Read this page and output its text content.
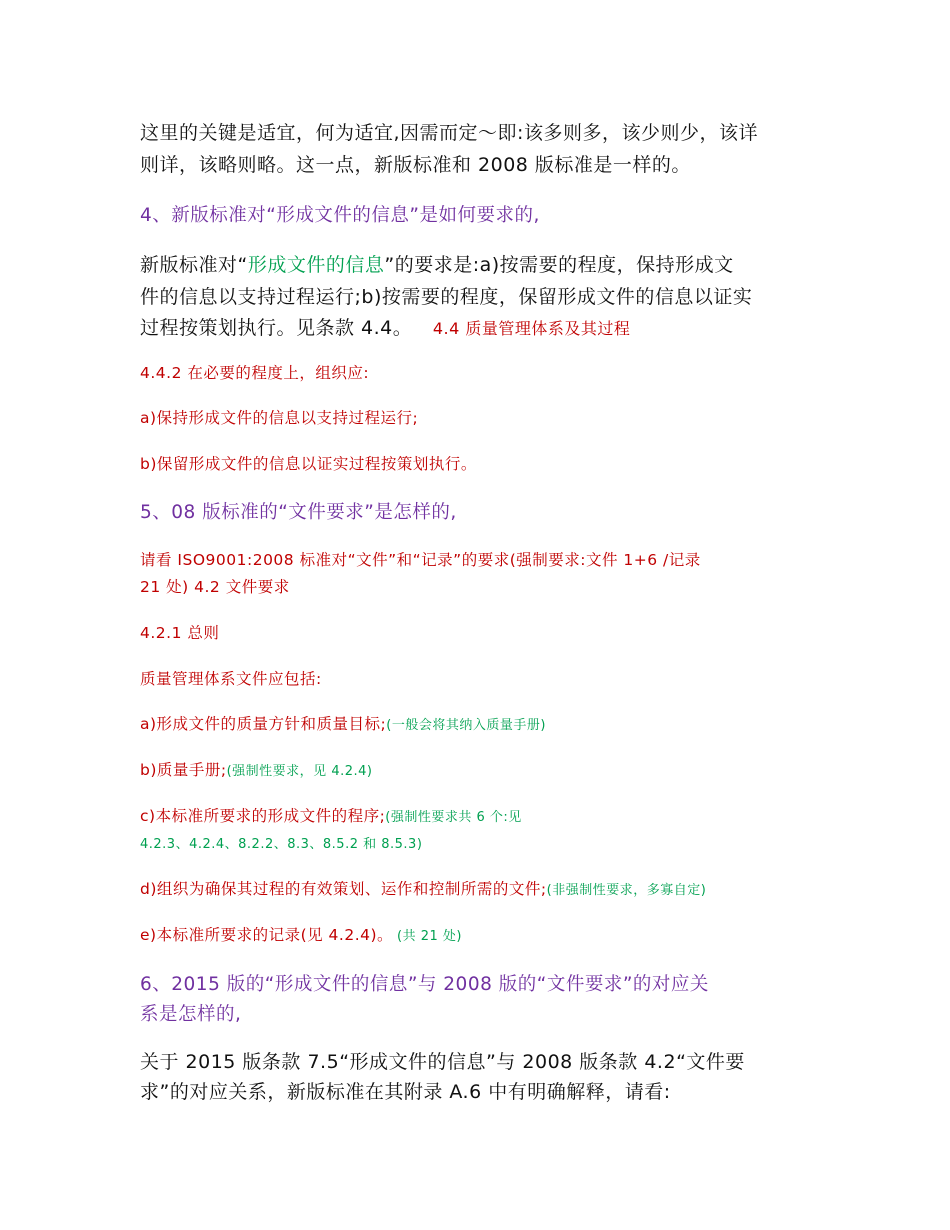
这里的关键是适宜，何为适宜,因需而定～即:该多则多，该少则少，该详

则详，该略则略。这一点，新版标准和 2008 版标准是一样的。

4、新版标准对“形成文件的信息”是如何要求的,

新版标准对“形成文件的信息”的要求是:a)按需要的程度，保持形成文

件的信息以支持过程运行;b)按需要的程度，保留形成文件的信息以证实

过程按策划执行。见条款 4.4。 4.4 质量管理体系及其过程

4.4.2 在必要的程度上，组织应:

a)保持形成文件的信息以支持过程运行;

b)保留形成文件的信息以证实过程按策划执行。

5、08 版标准的“文件要求”是怎样的,

请看 ISO9001:2008 标准对“文件”和“记录”的要求(强制要求:文件 1+6 /记录

21 处) 4.2 文件要求

4.2.1 总则

质量管理体系文件应包括:

a)形成文件的质量方针和质量目标;(一般会将其纳入质量手册)

b)质量手册;(强制性要求，见 4.2.4)

c)本标准所要求的形成文件的程序;(强制性要求共 6 个:见

4.2.3、4.2.4、8.2.2、8.3、8.5.2 和 8.5.3)

d)组织为确保其过程的有效策划、运作和控制所需的文件;(非强制性要求，多寡自定)

e)本标准所要求的记录(见 4.2.4)。 (共 21 处)

6、2015 版的“形成文件的信息”与 2008 版的“文件要求”的对应关

系是怎样的,

关于 2015 版条款 7.5“形成文件的信息”与 2008 版条款 4.2“文件要

求”的对应关系，新版标准在其附录 A.6 中有明确解释，请看:
